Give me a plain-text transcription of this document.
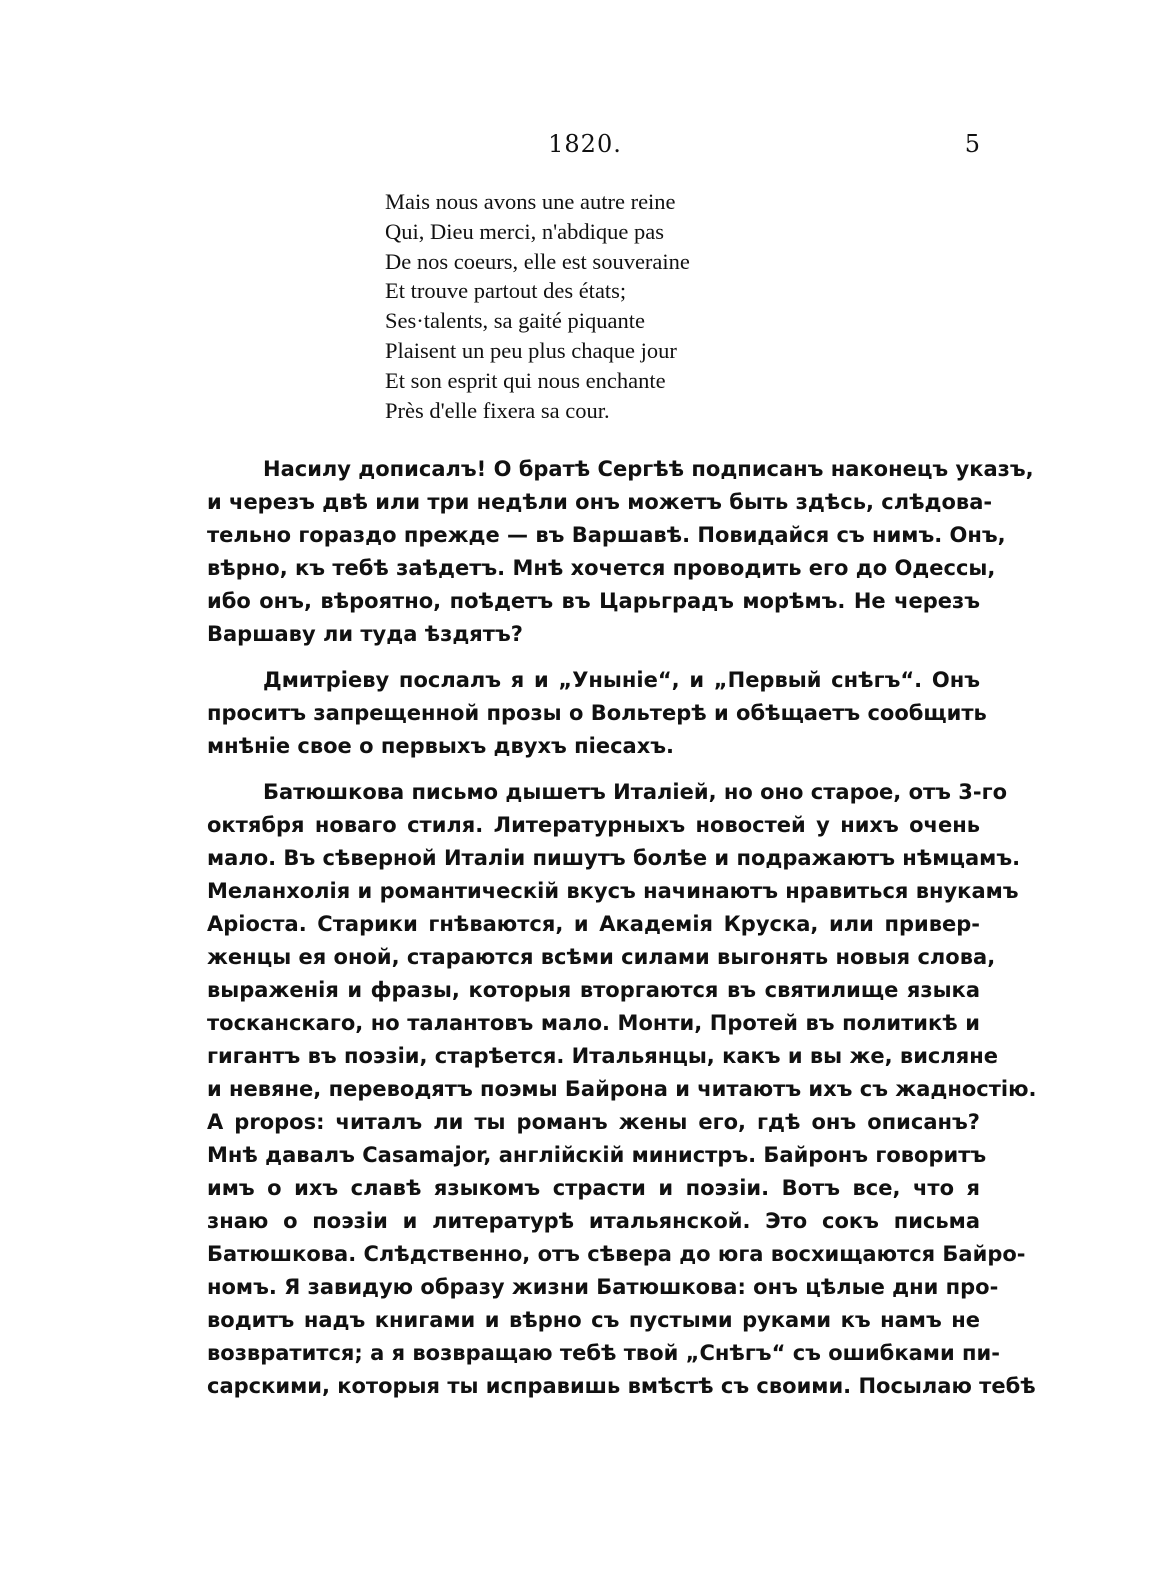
1820.	5
Mais nous avons une autre reine
Qui, Dieu merci, n'abdique pas
De nos coeurs, elle est souveraine
Et trouve partout des états;
Ses·talents, sa gaité piquante
Plaisent un peu plus chaque jour
Et son esprit qui nous enchante
Près d'elle fixera sa cour.
Насилу дописалъ! О братѣ Сергѣѣ подписанъ наконецъ указъ,
и черезъ двѣ или три недѣли онъ можетъ быть здѣсь, слѣдова-
тельно гораздо прежде — въ Варшавѣ. Повидайся съ нимъ. Онъ,
вѣрно, къ тебѣ заѣдетъ. Мнѣ хочется проводить его до Одессы,
ибо онъ, вѣроятно, поѣдетъ въ Царьградъ морѣмъ. Не черезъ
Варшаву ли туда ѣздятъ?
Дмитріеву послалъ я и „Уныніе“, и „Первый снѣгъ“. Онъ
проситъ запрещенной прозы о Вольтерѣ и обѣщаетъ сообщить
мнѣніе свое о первыхъ двухъ піесахъ.
Батюшкова письмо дышетъ Италіей, но оно старое, отъ 3-го
октября новаго стиля. Литературныхъ новостей у нихъ очень
мало. Въ сѣверной Италіи пишутъ болѣе и подражаютъ нѣмцамъ.
Меланхолія и романтическій вкусъ начинаютъ нравиться внукамъ
Аріоста. Старики гнѣваются, и Академія Круска, или привер-
женцы ея оной, стараются всѣми силами выгонять новыя слова,
выраженія и фразы, которыя вторгаются въ святилище языка
тосканскаго, но талантовъ мало. Монти, Протей въ политикѣ и
гигантъ въ поэзіи, старѣется. Итальянцы, какъ и вы же, висляне
и невяне, переводятъ поэмы Байрона и читаютъ ихъ съ жадностію.
А propos: читалъ ли ты романъ жены его, гдѣ онъ описанъ?
Мнѣ давалъ Casamajor, англійскій министръ. Байронъ говоритъ
имъ о ихъ славѣ языкомъ страсти и поэзіи. Вотъ все, что я
знаю о поэзіи и литературѣ итальянской. Это сокъ письма
Батюшкова. Слѣдственно, отъ сѣвера до юга восхищаются Байро-
номъ. Я завидую образу жизни Батюшкова: онъ цѣлые дни про-
водитъ надъ книгами и вѣрно съ пустыми руками къ намъ не
возвратится; а я возвращаю тебѣ твой „Снѣгъ“ съ ошибками пи-
сарскими, которыя ты исправишь вмѣстѣ съ своими. Посылаю тебѣ
